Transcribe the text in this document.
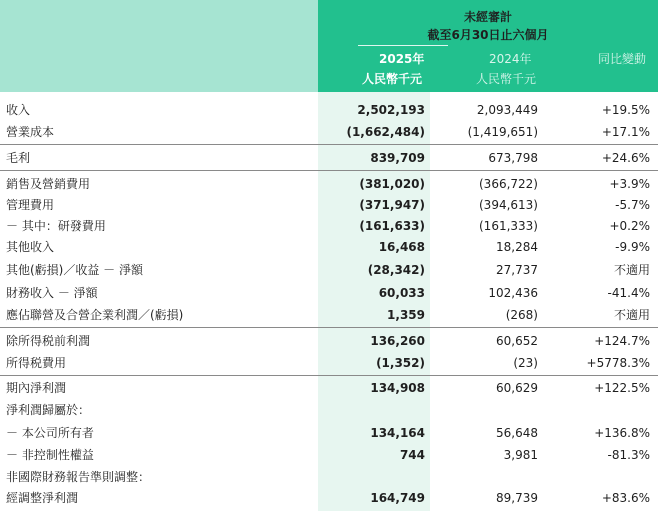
未經審計
截至6月30日止六個月
2025年
人民幣千元
2024年
人民幣千元
同比變動
收入	2,502,193	2,093,449	+19.5%
營業成本	(1,662,484)	(1,419,651)	+17.1%
毛利	839,709	673,798	+24.6%
銷售及營銷費用	(381,020)	(366,722)	+3.9%
管理費用	(371,947)	(394,613)	-5.7%
－ 其中：研發費用	(161,633)	(161,333)	+0.2%
其他收入	16,468	18,284	-9.9%
其他(虧損)／收益 － 淨額	(28,342)	27,737	不適用
財務收入 － 淨額	60,033	102,436	-41.4%
應佔聯營及合營企業利潤／(虧損)	1,359	(268)	不適用
除所得税前利潤	136,260	60,652	+124.7%
所得税費用	(1,352)	(23)	+5778.3%
期內淨利潤	134,908	60,629	+122.5%
淨利潤歸屬於：
－ 本公司所有者	134,164	56,648	+136.8%
－ 非控制性權益	744	3,981	-81.3%
非國際財務報告準則調整：
經調整淨利潤	164,749	89,739	+83.6%
